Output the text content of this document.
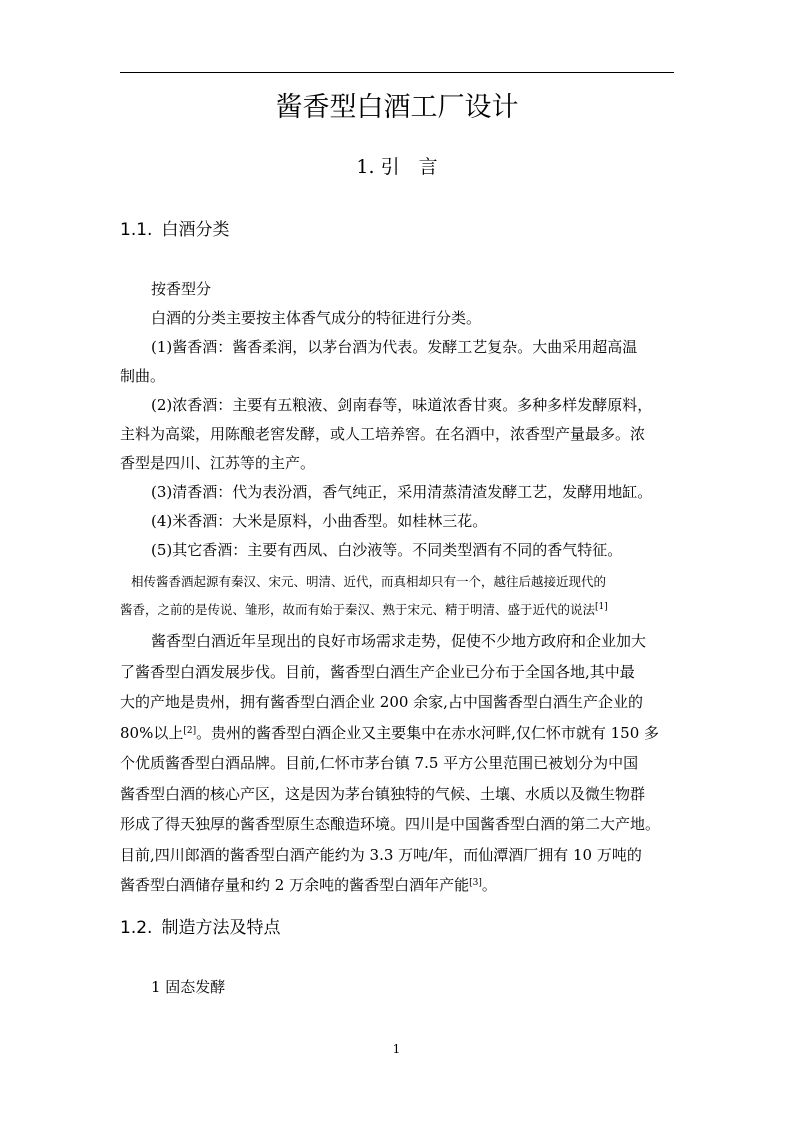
酱香型白酒工厂设计
1. 引　言
1.1. 白酒分类

按香型分

白酒的分类主要按主体香气成分的特征进行分类。

(1)酱香酒：酱香柔润，以茅台酒为代表。发酵工艺复杂。大曲采用超高温

制曲。

(2)浓香酒：主要有五粮液、剑南春等，味道浓香甘爽。多种多样发酵原料，

主料为高粱，用陈酿老窖发酵，或人工培养窖。在名酒中，浓香型产量最多。浓

香型是四川、江苏等的主产。

(3)清香酒：代为表汾酒，香气纯正，采用清蒸清渣发酵工艺，发酵用地缸。

(4)米香酒：大米是原料，小曲香型。如桂林三花。

(5)其它香酒：主要有西凤、白沙液等。不同类型酒有不同的香气特征。

相传酱香酒起源有秦汉、宋元、明清、近代，而真相却只有一个，越往后越接近现代的

酱香，之前的是传说、雏形，故而有始于秦汉、熟于宋元、精于明清、盛于近代的说法[1]

酱香型白酒近年呈现出的良好市场需求走势，促使不少地方政府和企业加大

了酱香型白酒发展步伐。目前，酱香型白酒生产企业已分布于全国各地,其中最

大的产地是贵州，拥有酱香型白酒企业 200 余家,占中国酱香型白酒生产企业的

80%以上[2]。贵州的酱香型白酒企业又主要集中在赤水河畔,仅仁怀市就有 150 多

个优质酱香型白酒品牌。目前,仁怀市茅台镇 7.5 平方公里范围已被划分为中国

酱香型白酒的核心产区，这是因为茅台镇独特的气候、土壤、水质以及微生物群

形成了得天独厚的酱香型原生态酿造环境。四川是中国酱香型白酒的第二大产地。

目前,四川郎酒的酱香型白酒产能约为 3.3 万吨/年，而仙潭酒厂拥有 10 万吨的

酱香型白酒储存量和约 2 万余吨的酱香型白酒年产能[3]。

1.2. 制造方法及特点

1 固态发酵

1
